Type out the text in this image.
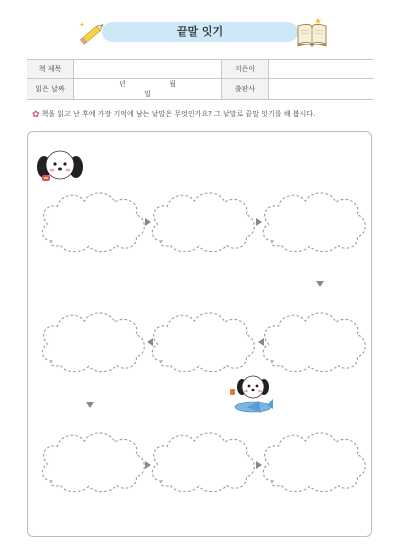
끝말 잇기
✦	★
책 제목		지은이	
읽은 날짜	년 월 일	출판사	
✿ 책을 읽고 난 후에 가장 기억에 남는 낱말은 무엇인가요? 그 낱말로 끝말 잇기를 해 봅시다.
